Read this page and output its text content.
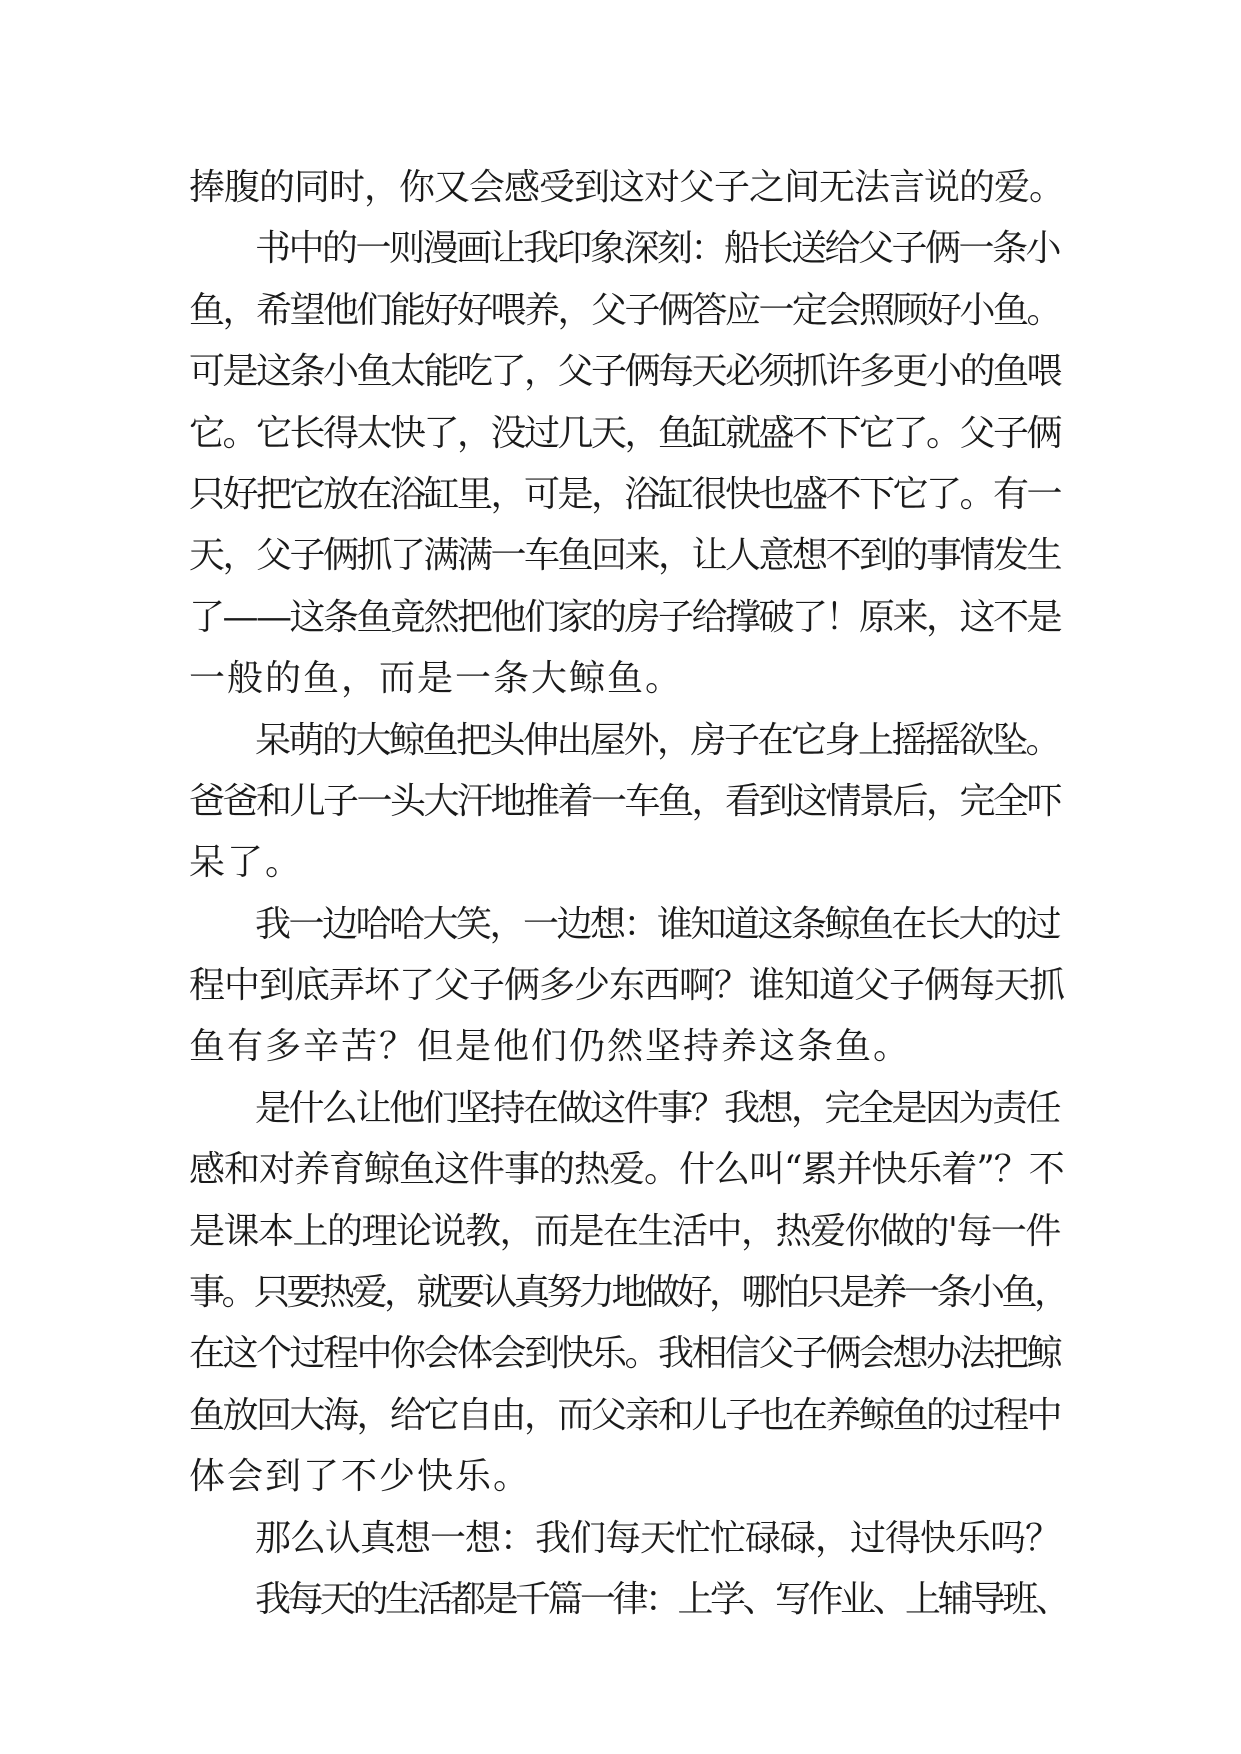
捧腹的同时，你又会感受到这对父子之间无法言说的爱。
书中的一则漫画让我印象深刻：船长送给父子俩一条小
鱼，希望他们能好好喂养，父子俩答应一定会照顾好小鱼。
可是这条小鱼太能吃了，父子俩每天必须抓许多更小的鱼喂
它。它长得太快了，没过几天，鱼缸就盛不下它了。父子俩
只好把它放在浴缸里，可是，浴缸很快也盛不下它了。有一
天，父子俩抓了满满一车鱼回来，让人意想不到的事情发生
了——这条鱼竟然把他们家的房子给撑破了！原来，这不是
一般的鱼，而是一条大鲸鱼。
呆萌的大鲸鱼把头伸出屋外，房子在它身上摇摇欲坠。
爸爸和儿子一头大汗地推着一车鱼，看到这情景后，完全吓
呆了。
我一边哈哈大笑，一边想：谁知道这条鲸鱼在长大的过
程中到底弄坏了父子俩多少东西啊？谁知道父子俩每天抓
鱼有多辛苦？但是他们仍然坚持养这条鱼。
是什么让他们坚持在做这件事？我想，完全是因为责任
感和对养育鲸鱼这件事的热爱。什么叫“累并快乐着”？不
是课本上的理论说教，而是在生活中，热爱你做的'每一件
事。只要热爱，就要认真努力地做好，哪怕只是养一条小鱼，
在这个过程中你会体会到快乐。我相信父子俩会想办法把鲸
鱼放回大海，给它自由，而父亲和儿子也在养鲸鱼的过程中
体会到了不少快乐。
那么认真想一想：我们每天忙忙碌碌，过得快乐吗？
我每天的生活都是千篇一律：上学、写作业、上辅导班、
